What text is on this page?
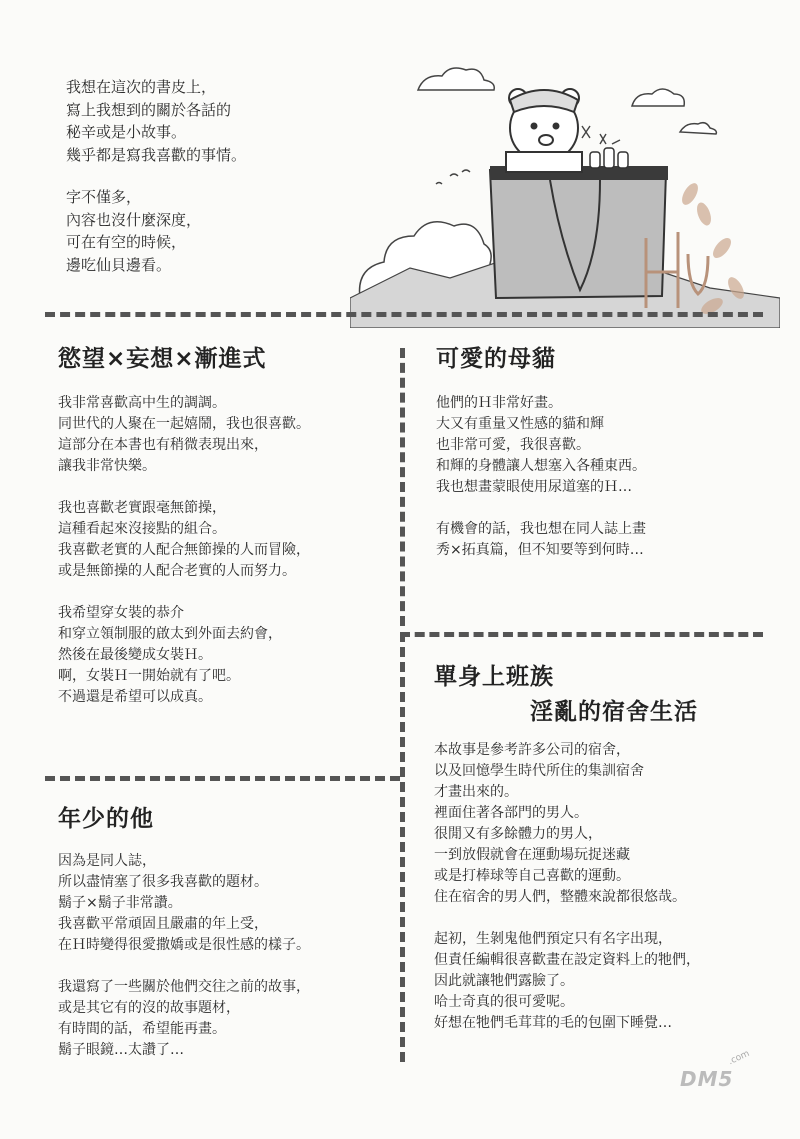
我想在這次的書皮上，

寫上我想到的關於各話的

秘辛或是小故事。

幾乎都是寫我喜歡的事情。

字不僅多，

內容也沒什麼深度，

可在有空的時候，

邊吃仙貝邊看。

慾望×妄想×漸進式

我非常喜歡高中生的調調。

同世代的人聚在一起嬉鬧，我也很喜歡。

這部分在本書也有稍微表現出來，

讓我非常快樂。

我也喜歡老實跟毫無節操，

這種看起來沒接點的組合。

我喜歡老實的人配合無節操的人而冒險，

或是無節操的人配合老實的人而努力。

我希望穿女裝的恭介

和穿立領制服的啟太到外面去約會，

然後在最後變成女裝Ｈ。

啊，女裝Ｈ一開始就有了吧。

不過還是希望可以成真。

可愛的母貓

他們的Ｈ非常好畫。

大又有重量又性感的貓和輝

也非常可愛，我很喜歡。

和輝的身體讓人想塞入各種東西。

我也想畫蒙眼使用尿道塞的Ｈ…

有機會的話，我也想在同人誌上畫

秀×拓真篇，但不知要等到何時…

單身上班族
淫亂的宿舍生活

本故事是參考許多公司的宿舍，

以及回憶學生時代所住的集訓宿舍

才畫出來的。

裡面住著各部門的男人。

很閒又有多餘體力的男人，

一到放假就會在運動場玩捉迷藏

或是打棒球等自己喜歡的運動。

住在宿舍的男人們，整體來說都很悠哉。

起初，生剝鬼他們預定只有名字出現，

但責任編輯很喜歡畫在設定資料上的牠們，

因此就讓牠們露臉了。

哈士奇真的很可愛呢。

好想在牠們毛茸茸的毛的包圍下睡覺…

年少的他

因為是同人誌，

所以盡情塞了很多我喜歡的題材。

鬍子×鬍子非常讚。

我喜歡平常頑固且嚴肅的年上受，

在Ｈ時變得很愛撒嬌或是很性感的樣子。

我還寫了一些關於他們交往之前的故事，

或是其它有的沒的故事題材，

有時間的話，希望能再畫。

鬍子眼鏡…太讚了…

DM5
.com
